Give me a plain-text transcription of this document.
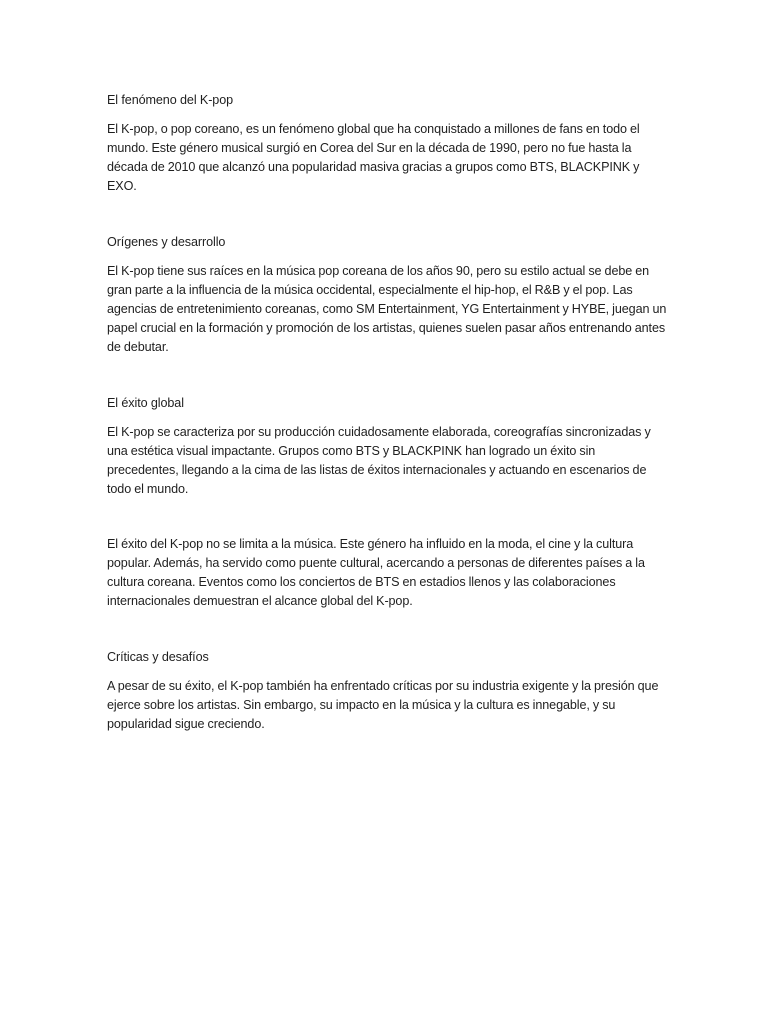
El fenómeno del K-pop

El K-pop, o pop coreano, es un fenómeno global que ha conquistado a millones de fans en todo el mundo. Este género musical surgió en Corea del Sur en la década de 1990, pero no fue hasta la década de 2010 que alcanzó una popularidad masiva gracias a grupos como BTS, BLACKPINK y EXO.

Orígenes y desarrollo

El K-pop tiene sus raíces en la música pop coreana de los años 90, pero su estilo actual se debe en gran parte a la influencia de la música occidental, especialmente el hip-hop, el R&B y el pop. Las agencias de entretenimiento coreanas, como SM Entertainment, YG Entertainment y HYBE, juegan un papel crucial en la formación y promoción de los artistas, quienes suelen pasar años entrenando antes de debutar.

El éxito global

El K-pop se caracteriza por su producción cuidadosamente elaborada, coreografías sincronizadas y una estética visual impactante. Grupos como BTS y BLACKPINK han logrado un éxito sin precedentes, llegando a la cima de las listas de éxitos internacionales y actuando en escenarios de todo el mundo.

El éxito del K-pop no se limita a la música. Este género ha influido en la moda, el cine y la cultura popular. Además, ha servido como puente cultural, acercando a personas de diferentes países a la cultura coreana. Eventos como los conciertos de BTS en estadios llenos y las colaboraciones internacionales demuestran el alcance global del K-pop.

Críticas y desafíos

A pesar de su éxito, el K-pop también ha enfrentado críticas por su industria exigente y la presión que ejerce sobre los artistas. Sin embargo, su impacto en la música y la cultura es innegable, y su popularidad sigue creciendo.
